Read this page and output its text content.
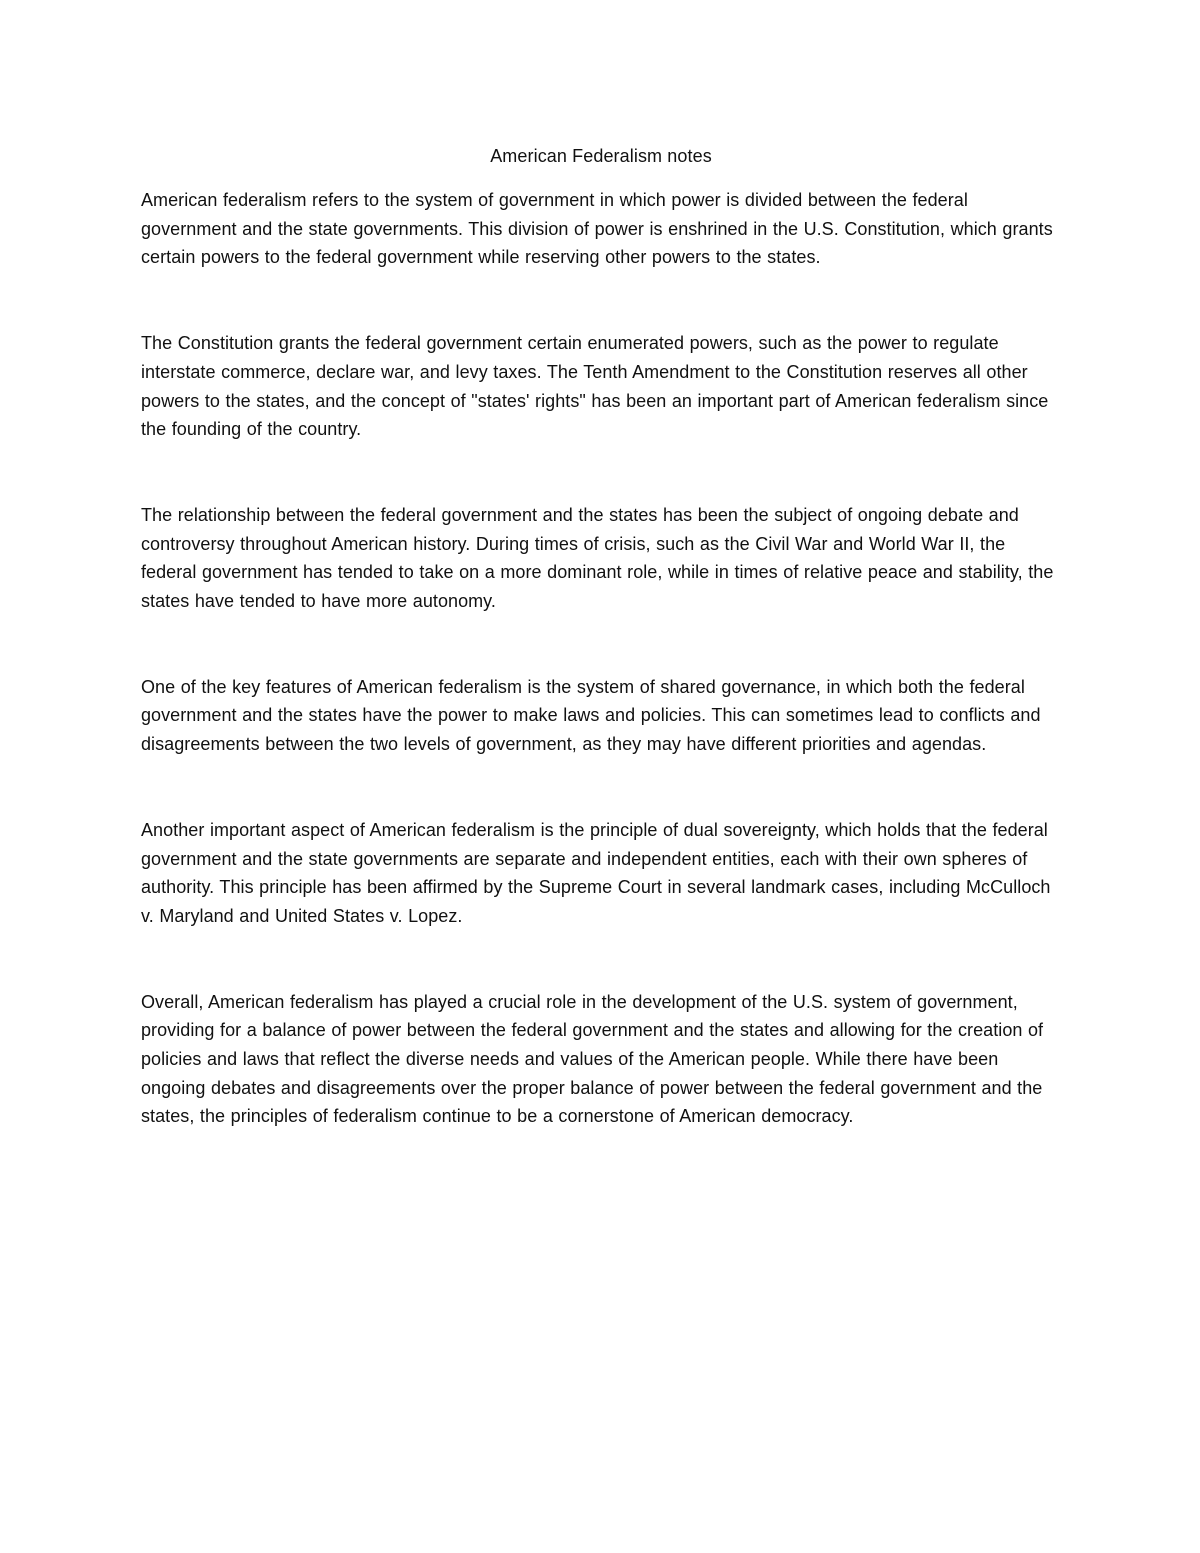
American Federalism notes

American federalism refers to the system of government in which power is divided between the federal government and the state governments. This division of power is enshrined in the U.S. Constitution, which grants certain powers to the federal government while reserving other powers to the states.

The Constitution grants the federal government certain enumerated powers, such as the power to regulate interstate commerce, declare war, and levy taxes. The Tenth Amendment to the Constitution reserves all other powers to the states, and the concept of "states' rights" has been an important part of American federalism since the founding of the country.

The relationship between the federal government and the states has been the subject of ongoing debate and controversy throughout American history. During times of crisis, such as the Civil War and World War II, the federal government has tended to take on a more dominant role, while in times of relative peace and stability, the states have tended to have more autonomy.

One of the key features of American federalism is the system of shared governance, in which both the federal government and the states have the power to make laws and policies. This can sometimes lead to conflicts and disagreements between the two levels of government, as they may have different priorities and agendas.

Another important aspect of American federalism is the principle of dual sovereignty, which holds that the federal government and the state governments are separate and independent entities, each with their own spheres of authority. This principle has been affirmed by the Supreme Court in several landmark cases, including McCulloch v. Maryland and United States v. Lopez.

Overall, American federalism has played a crucial role in the development of the U.S. system of government, providing for a balance of power between the federal government and the states and allowing for the creation of policies and laws that reflect the diverse needs and values of the American people. While there have been ongoing debates and disagreements over the proper balance of power between the federal government and the states, the principles of federalism continue to be a cornerstone of American democracy.
